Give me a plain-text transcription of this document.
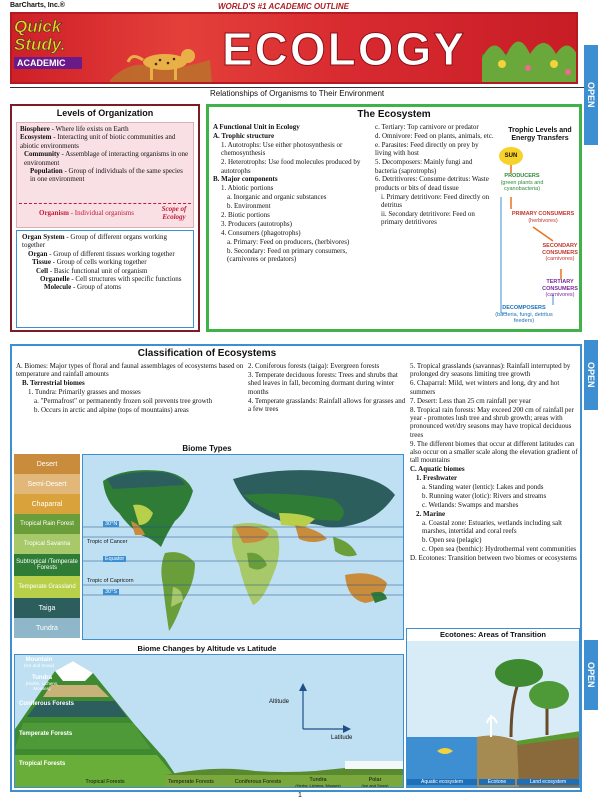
BarCharts, Inc.®	WORLD'S #1 ACADEMIC OUTLINE
Quick
Study.
ACADEMIC	ECOLOGY
Relationships of Organisms to Their Environment	OPEN
OPEN
OPEN
Levels of Organization
Biosphere - Where life exists on Earth
Ecosystem - Interacting unit of biotic communities and abiotic environments
Community - Assemblage of interacting organisms in one environment
Population - Group of individuals of the same species in one environment
Organism - Individual organisms	Scope of Ecology
Organ System - Group of different organs working together
Organ - Group of different tissues working together
Tissue - Group of cells working together
Cell - Basic functional unit of organism
Organelle - Cell structures with specific functions
Molecule - Group of atoms
The Ecosystem

A Functional Unit in Ecology

A. Trophic structure

1. Autotrophs: Use either photosynthesis or chemosynthesis

2. Heterotrophs: Use food molecules produced by autotrophs

B. Major components

1. Abiotic portions

a. Inorganic and organic substances

b. Environment

2. Biotic portions

3. Producers (autotrophs)

4. Consumers (phagotrophs)

a. Primary: Feed on producers, (herbivores)

b. Secondary: Feed on primary consumers, (carnivores or predators)

c. Tertiary: Top carnivore or predator

d. Omnivore: Feed on plants, animals, etc.

e. Parasites: Feed directly on prey by living with host

5. Decomposers: Mainly fungi and bacteria (saprotrophs)

6. Detritivores: Consume detritus: Waste products or bits of dead tissue

i. Primary detritivore: Feed directly on detritus

ii. Secondary detritivore: Feed on primary detritivores

Trophic Levels and Energy Transfers
SUN
PRODUCERS
(green plants and cyanobacteria)
PRIMARY CONSUMERS
(herbivores)
SECONDARY CONSUMERS
(carnivores)
TERTIARY CONSUMERS
(carnivores)
DECOMPOSERS
(bacteria, fungi, detritus feeders)
Classification of Ecosystems

A. Biomes: Major types of floral and faunal assemblages of ecosystems based on temperature and rainfall amounts

B. Terrestrial biomes

1. Tundra: Primarily grasses and mosses

a. "Permafrost" or permanently frozen soil prevents tree growth

b. Occurs in arctic and alpine (tops of mountains) areas

2. Coniferous forests (taiga): Evergreen forests

3. Temperate deciduous forests: Trees and shrubs that shed leaves in fall, becoming dormant during winter months

4. Temperate grasslands: Rainfall allows for grasses and a few trees

5. Tropical grasslands (savannas): Rainfall interrupted by prolonged dry seasons limiting tree growth

6. Chaparral: Mild, wet winters and long, dry and hot summers

7. Desert: Less than 25 cm rainfall per year

8. Tropical rain forests: May exceed 200 cm of rainfall per year - promotes lush tree and shrub growth; areas with pronounced wet/dry seasons may have tropical deciduous trees

9. The different biomes that occur at different latitudes can also occur on a smaller scale along the elevation gradient of tall mountains

C. Aquatic biomes

1. Freshwater

a. Standing water (lentic): Lakes and ponds

b. Running water (lotic): Rivers and streams

c. Wetlands: Swamps and marshes

2. Marine

a. Coastal zone: Estuaries, wetlands including salt marshes, intertidal and coral reefs

b. Open sea (pelagic)

c. Open sea (benthic): Hydrothermal vent communities

D. Ecotones: Transition between two biomes or ecosystems

Biome Types
Desert
Semi-Desert
Chaparral
Tropical Rain Forest
Tropical Savanna
Subtropical /Temperate Forests
Temperate Grassland
Taiga
Tundra
30°N
Tropic of Cancer
Equator
Tropic of Capricorn
30°S
Biome Changes by Altitude vs Latitude
Mountain
(Ice and Snow)
Tundra
(Herbs, Lichens, Mosses)
Coniferous Forests
Temperate Forests
Tropical Forests
Altitude
Latitude
Tropical Forests	Temperate Forests	Coniferous Forests	Tundra
(Herbs, Lichens, Mosses)
Polar
(Ice and Snow)
Ecotones: Areas of Transition
Aquatic ecosystem	Ecotone	Land ecosystem
1
